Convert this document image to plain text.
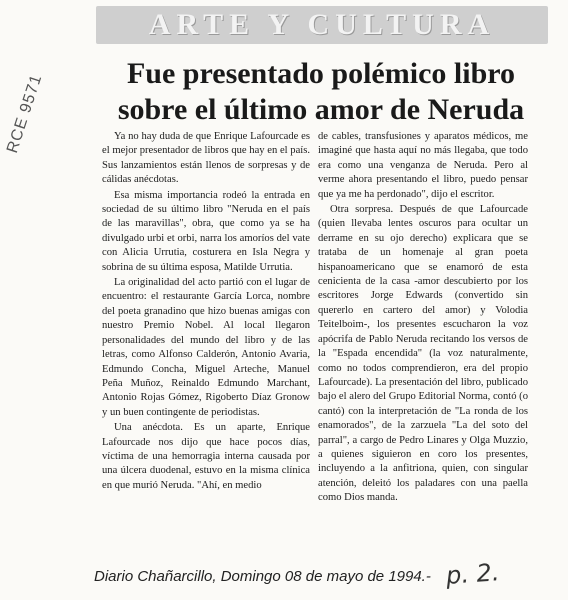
ARTE Y CULTURA
RCE 9571	Fue presentado polémico libro
sobre el último amor de Neruda

Ya no hay duda de que Enrique Lafourcade es el mejor presentador de libros que hay en el país. Sus lanzamientos están llenos de sorpresas y de cálidas anécdotas.

Esa misma importancia rodeó la entrada en sociedad de su último libro "Neruda en el país de las maravillas", obra, que como ya se ha divulgado urbi et orbi, narra los amoríos del vate con Alicia Urrutia, costurera en Isla Negra y sobrina de su última esposa, Matilde Urrutia.

La originalidad del acto partió con el lugar de encuentro: el restaurante García Lorca, nombre del poeta granadino que hizo buenas amigas con nuestro Premio Nobel. Al local llegaron personalidades del mundo del libro y de las letras, como Alfonso Calderón, Antonio Avaria, Edmundo Concha, Miguel Arteche, Manuel Peña Muñoz, Reinaldo Edmundo Marchant, Antonio Rojas Gómez, Rigoberto Díaz Gronow y un buen contingente de periodistas.

Una anécdota. Es un aparte, Enrique Lafourcade nos dijo que hace pocos días, víctima de una hemorragia interna causada por una úlcera duodenal, estuvo en la misma clínica en que murió Neruda. "Ahí, en medio

de cables, transfusiones y aparatos médicos, me imaginé que hasta aquí no más llegaba, que todo era como una venganza de Neruda. Pero al verme ahora presentando el libro, puedo pensar que ya me ha perdonado", dijo el escritor.

Otra sorpresa. Después de que Lafourcade (quien llevaba lentes oscuros para ocultar un derrame en su ojo derecho) explicara que se trataba de un homenaje al gran poeta hispanoamericano que se enamoró de esta cenicienta de la casa -amor descubierto por los escritores Jorge Edwards (convertido sin quererlo en cartero del amor) y Volodia Teitelboim-, los presentes escucharon la voz apócrifa de Pablo Neruda recitando los versos de la "Espada encendida" (la voz naturalmente, como no todos comprendieron, era del propio Lafourcade). La presentación del libro, publicado bajo el alero del Grupo Editorial Norma, contó (o cantó) con la interpretación de "La ronda de los enamorados", de la zarzuela "La del soto del parral", a cargo de Pedro Linares y Olga Muzzio, a quienes siguieron en coro los presentes, incluyendo a la anfitriona, quien, con singular atención, deleitó los paladares con una paella como Dios manda.

Diario Chañarcillo, Domingo 08 de mayo de 1994.- p. 2.
